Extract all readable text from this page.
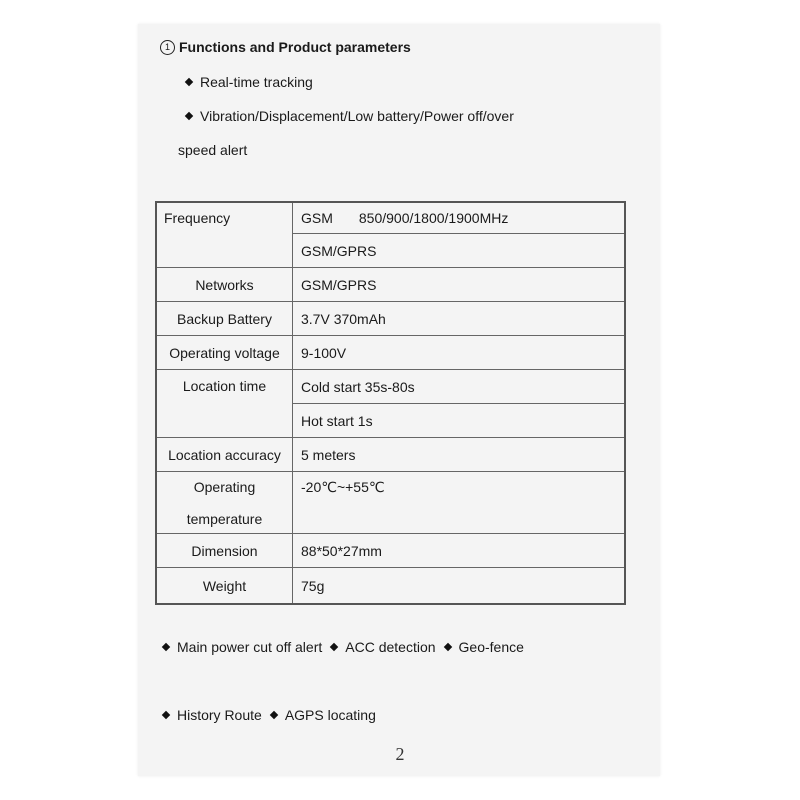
1 Functions and Product parameters
Real-time tracking
Vibration/Displacement/Low battery/Power off/over
speed alert
Frequency	GSM 850/900/1800/1900MHz
	GSM/GPRS
Networks	GSM/GPRS
Backup Battery	3.7V 370mAh
Operating voltage	9-100V
Location time	Cold start 35s-80s
	Hot start 1s
Location accuracy	5 meters

Operating
temperature	-20℃~+55℃
Dimension	88*50*27mm
Weight	75g
Main power cut off alert ACC detection Geo-fence
History Route AGPS locating
2
